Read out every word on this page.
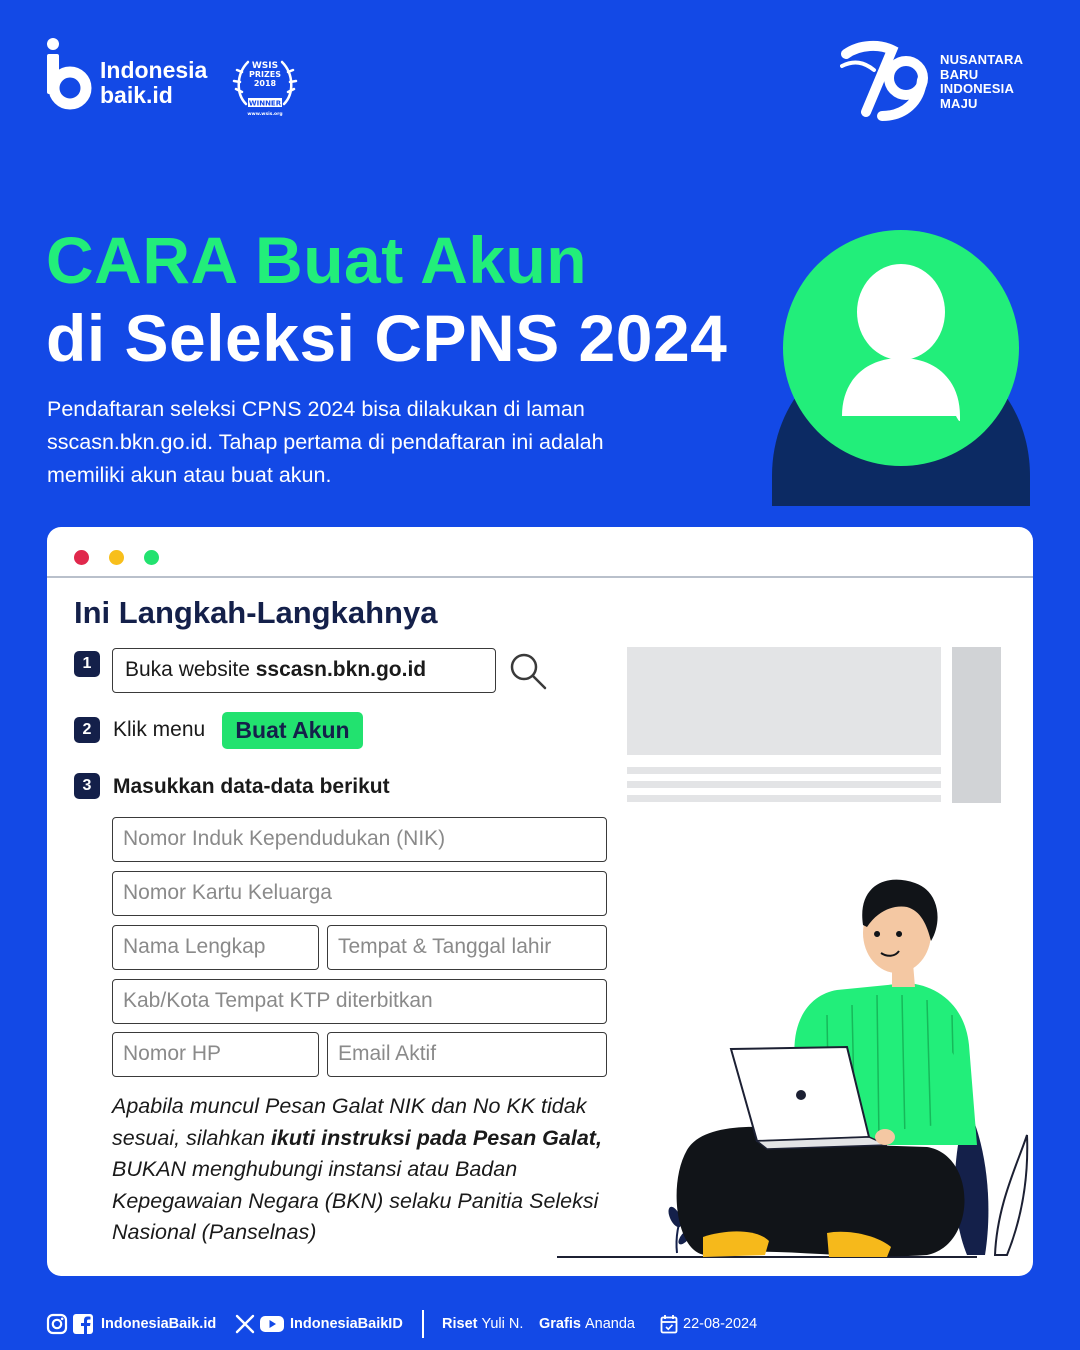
Indonesia
baik.id
WSIS
PRIZES
2018
WINNER
www.wsis.org
NUSANTARA
BARU
INDONESIA
MAJU
CARA Buat Akun
di Seleksi CPNS 2024

Pendaftaran seleksi CPNS 2024 bisa dilakukan di laman sscasn.bkn.go.id. Tahap pertama di pendaftaran ini adalah memiliki akun atau buat akun.

Ini Langkah-Langkahnya
1	Buka website sscasn.bkn.go.id
2	Klik menu	Buat Akun
3	Masukkan data-data berikut
Nomor Induk Kependudukan (NIK)
Nomor Kartu Keluarga
Nama Lengkap	Tempat & Tanggal lahir
Kab/Kota Tempat KTP diterbitkan
Nomor HP	Email Aktif

Apabila muncul Pesan Galat NIK dan No KK tidak sesuai, silahkan ikuti instruksi pada Pesan Galat, BUKAN menghubungi instansi atau Badan Kepegawaian Negara (BKN) selaku Panitia Seleksi Nasional (Panselnas)

IndonesiaBaik.id	IndonesiaBaikID	Riset Yuli N. Grafis Ananda	22-08-2024
